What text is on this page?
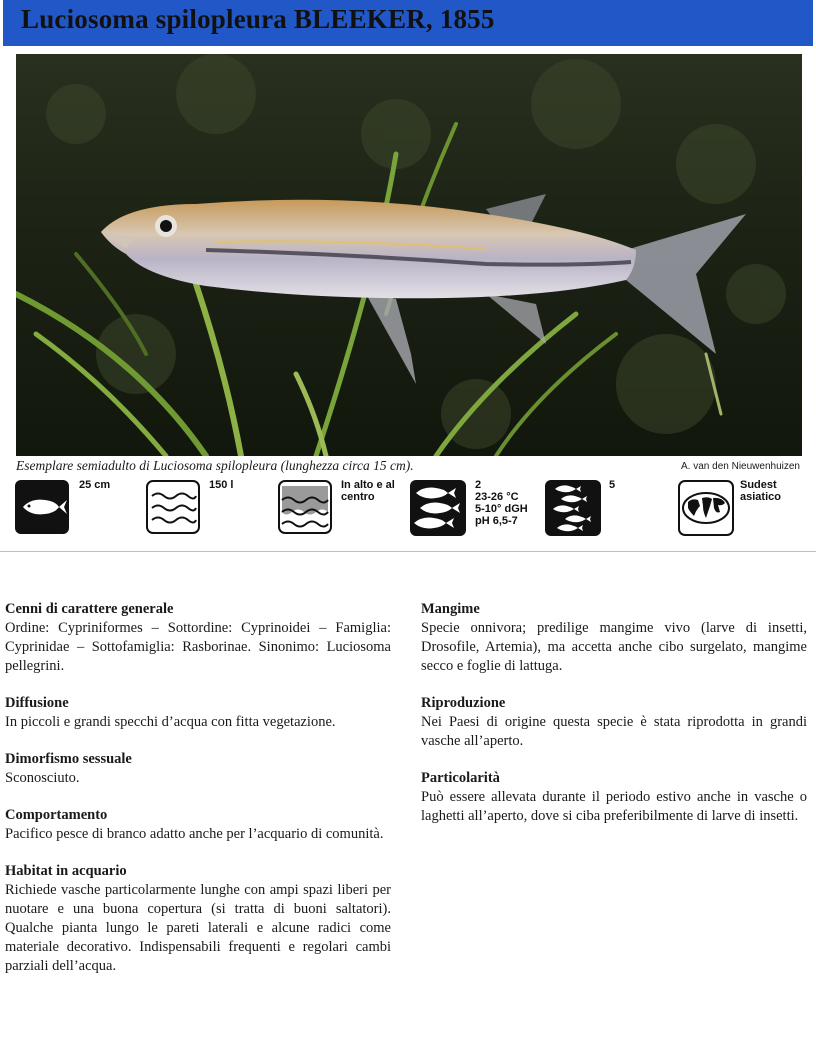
Luciosoma spilopleura BLEEKER, 1855
Esemplare semiadulto di Luciosoma spilopleura (lunghezza circa 15 cm).	A. van den Nieuwenhuizen
25 cm	150 l	In alto e al
centro
2
23-26 °C
5-10° dGH
pH 6,5-7
5	Sudest
asiatico
Cenni di carattere generale

Ordine: Cypriniformes – Sottordine: Cyprinoidei – Famiglia: Cyprinidae – Sottofamiglia: Rasborinae. Sinonimo: Luciosoma pellegrini.

Diffusione

In piccoli e grandi specchi d’acqua con fitta vegetazione.

Dimorfismo sessuale

Sconosciuto.

Comportamento

Pacifico pesce di branco adatto anche per l’acquario di comunità.

Habitat in acquario

Richiede vasche particolarmente lunghe con ampi spazi liberi per nuotare e una buona copertura (si tratta di buoni saltatori). Qualche pianta lungo le pareti laterali e alcune radici come materiale decorativo. Indispensabili frequenti e regolari cambi parziali dell’acqua.

Mangime

Specie onnivora; predilige mangime vivo (larve di insetti, Drosofile, Artemia), ma accetta anche cibo surgelato, mangime secco e foglie di lattuga.

Riproduzione

Nei Paesi di origine questa specie è stata riprodotta in grandi vasche all’aperto.

Particolarità

Può essere allevata durante il periodo estivo anche in vasche o laghetti all’aperto, dove si ciba preferibilmente di larve di insetti.
